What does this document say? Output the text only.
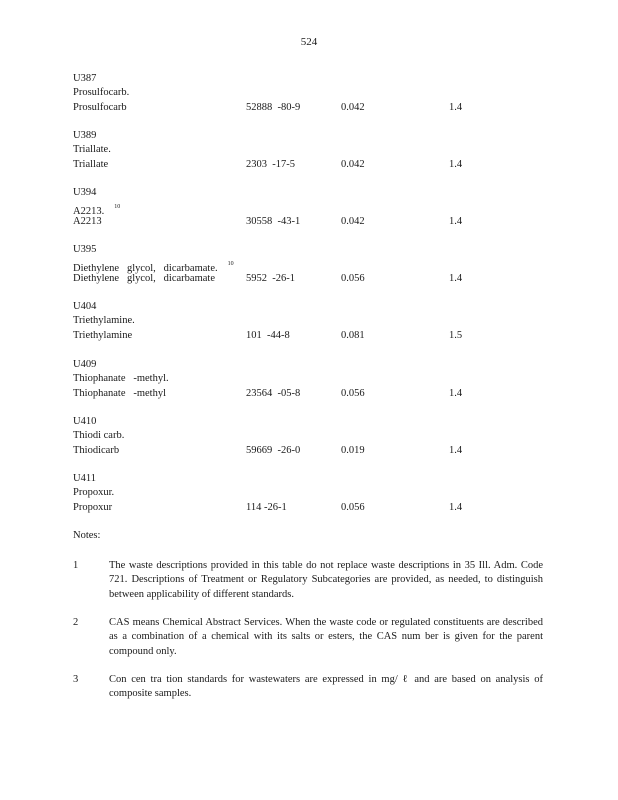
524
U387
Prosulfocarb.
Prosulfocarb	52888  -80-9	0.042	1.4
U389
Triallate.
Triallate	2303  -17-5	0.042	1.4
U394
A2213. $^{10}$
A2213	30558  -43-1	0.042	1.4
U395
Diethylene   glycol,   dicarbamate. $^{10}$
Diethylene   glycol,   dicarbamate	5952  -26-1	0.056	1.4
U404
Triethylamine.
Triethylamine	101  -44-8	0.081	1.5
U409
Thiophanate   -methyl.
Thiophanate   -methyl	23564  -05-8	0.056	1.4
U410
Thiodi carb.
Thiodicarb	59669  -26-0	0.019	1.4
U411
Propoxur.
Propoxur	114 -26-1	0.056	1.4
Notes:
1	The waste descriptions provided in this table do not replace waste descriptions in 35 Ill. Adm. Code 721. Descriptions of Treatment or Regulatory Subcategories are provided, as needed, to distinguish between applicability of different standards.
2	CAS means Chemical Abstract Services. When the waste code or regulated constituents are described as a combination of a chemical with its salts or esters, the CAS num ber is given for the parent compound only.
3	Con cen tra tion standards for wastewaters are expressed in mg/ ℓ and are based on analysis of composite samples.
